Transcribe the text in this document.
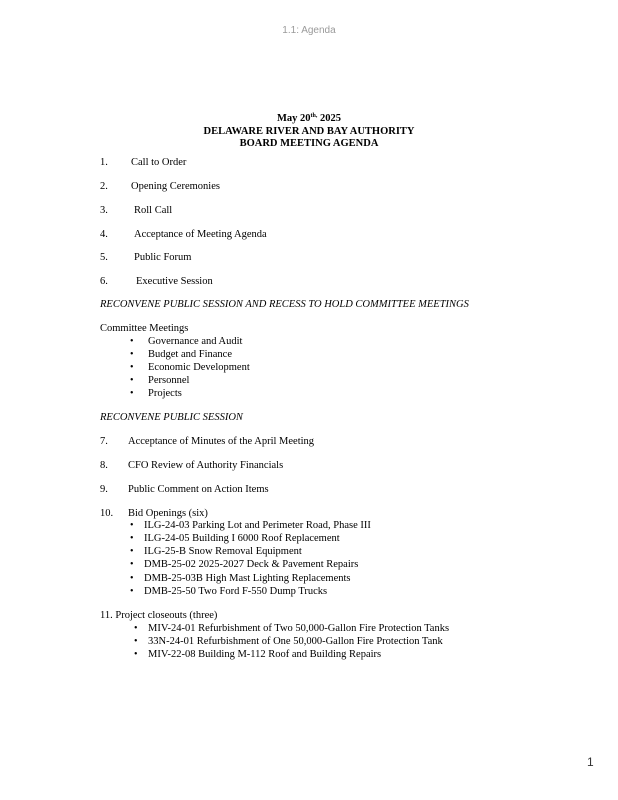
1.1: Agenda
May $20^{th,}$ 2025
DELAWARE RIVER AND BAY AUTHORITY
BOARD MEETING AGENDA
1. Call to Order
2. Opening Ceremonies
3. Roll Call
4. Acceptance of Meeting Agenda
5. Public Forum
6.	Executive Session
RECONVENE PUBLIC SESSION AND RECESS TO HOLD COMMITTEE MEETINGS
Committee Meetings
• Governance and Audit
• Budget and Finance
• Economic Development
• Personnel
• Projects
RECONVENE PUBLIC SESSION
7. Acceptance of Minutes of the April Meeting
8. CFO Review of Authority Financials
9. Public Comment on Action Items
10. Bid Openings (six)
• ILG-24-03 Parking Lot and Perimeter Road, Phase III
• ILG-24-05 Building I 6000 Roof Replacement
• ILG-25-B Snow Removal Equipment
• DMB-25-02 2025-2027 Deck & Pavement Repairs
• DMB-25-03B High Mast Lighting Replacements
• DMB-25-50 Two Ford F-550 Dump Trucks
11. Project closeouts (three)
• MIV-24-01 Refurbishment of Two 50,000-Gallon Fire Protection Tanks
• 33N-24-01 Refurbishment of One 50,000-Gallon Fire Protection Tank
• MIV-22-08 Building M-112 Roof and Building Repairs
1
